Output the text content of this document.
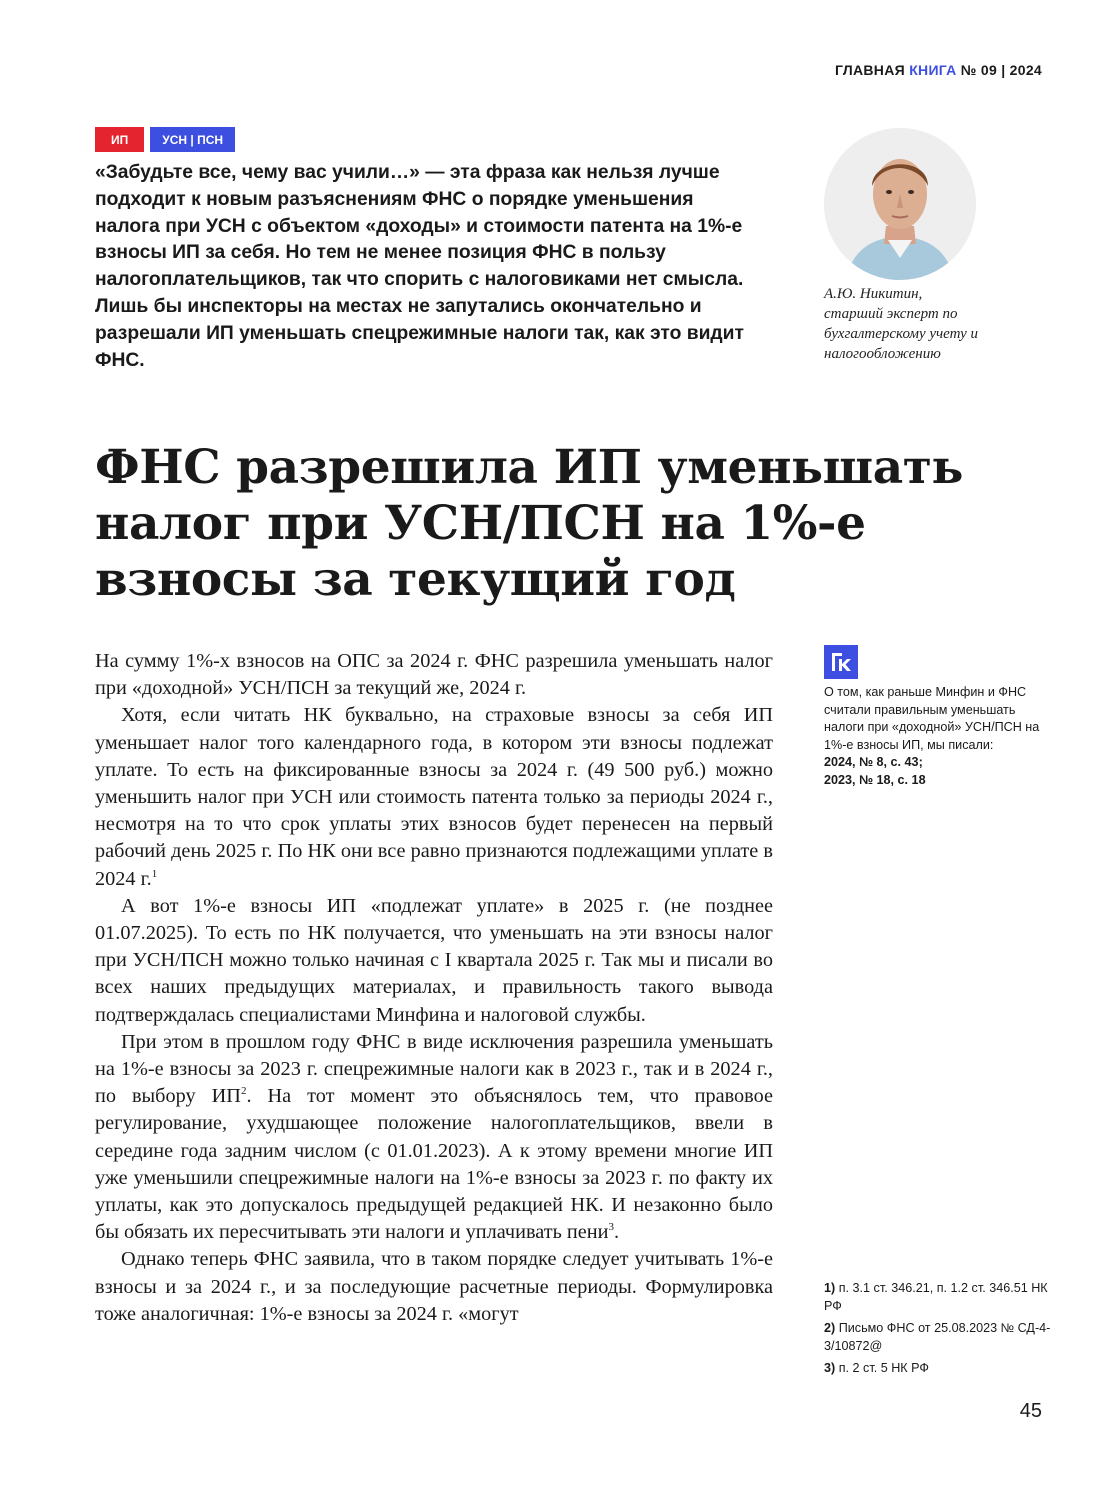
ГЛАВНАЯ КНИГА № 09 | 2024
ИП	УСН | ПСН

«Забудьте все, чему вас учили…» — эта фраза как нельзя лучше подходит к новым разъяснениям ФНС о порядке уменьшения налога при УСН с объектом «доходы» и стоимости патента на 1%-е взносы ИП за себя. Но тем не менее позиция ФНС в пользу налогоплательщиков, так что спорить с налоговиками нет смысла. Лишь бы инспекторы на местах не запутались окончательно и разрешали ИП уменьшать спецрежимные налоги так, как это видит ФНС.

А.Ю. Никитин,
старший эксперт по бухгалтерскому учету и налогообложению

ФНС разрешила ИП уменьшать налог при УСН/ПСН на 1%-е взносы за текущий год

На сумму 1%-х взносов на ОПС за 2024 г. ФНС разрешила уменьшать налог при «доходной» УСН/ПСН за текущий же, 2024 г.

Хотя, если читать НК буквально, на страховые взносы за себя ИП уменьшает налог того календарного года, в котором эти взносы подлежат уплате. То есть на фиксированные взносы за 2024 г. (49 500 руб.) можно уменьшить налог при УСН или стоимость патента только за периоды 2024 г., несмотря на то что срок уплаты этих взносов будет перенесен на первый рабочий день 2025 г. По НК они все равно признаются подлежащими уплате в 2024 г.$^1$

А вот 1%-е взносы ИП «подлежат уплате» в 2025 г. (не позднее 01.07.2025). То есть по НК получается, что уменьшать на эти взносы налог при УСН/ПСН можно только начиная с I квартала 2025 г. Так мы и писали во всех наших предыдущих материалах, и правильность такого вывода подтверждалась специалистами Минфина и налоговой службы.

При этом в прошлом году ФНС в виде исключения разрешила уменьшать на 1%-е взносы за 2023 г. спецрежимные налоги как в 2023 г., так и в 2024 г., по выбору $ИП^2$. На тот момент это объяснялось тем, что правовое регулирование, ухудшающее положение налогоплательщиков, ввели в середине года задним числом (с 01.01.2023). А к этому времени многие ИП уже уменьшили спецрежимные налоги на 1%-е взносы за 2023 г. по факту их уплаты, как это допускалось предыдущей редакцией НК. И незаконно было бы обязать их пересчитывать эти налоги и уплачивать пени$^3$.

Однако теперь ФНС заявила, что в таком порядке следует учитывать 1%-е взносы и за 2024 г., и за последующие расчетные периоды. Формулировка тоже аналогичная: 1%-е взносы за 2024 г. «могут

ГК

О том, как раньше Минфин и ФНС считали правильным уменьшать налоги при «доходной» УСН/ПСН на 1%-е взносы ИП, мы писали:

2024, № 8, с. 43;

2023, № 18, с. 18

1) п. 3.1 ст. 346.21, п. 1.2 ст. 346.51 НК РФ
2) Письмо ФНС от 25.08.2023 № СД-4-3/10872@
3) п. 2 ст. 5 НК РФ
45
